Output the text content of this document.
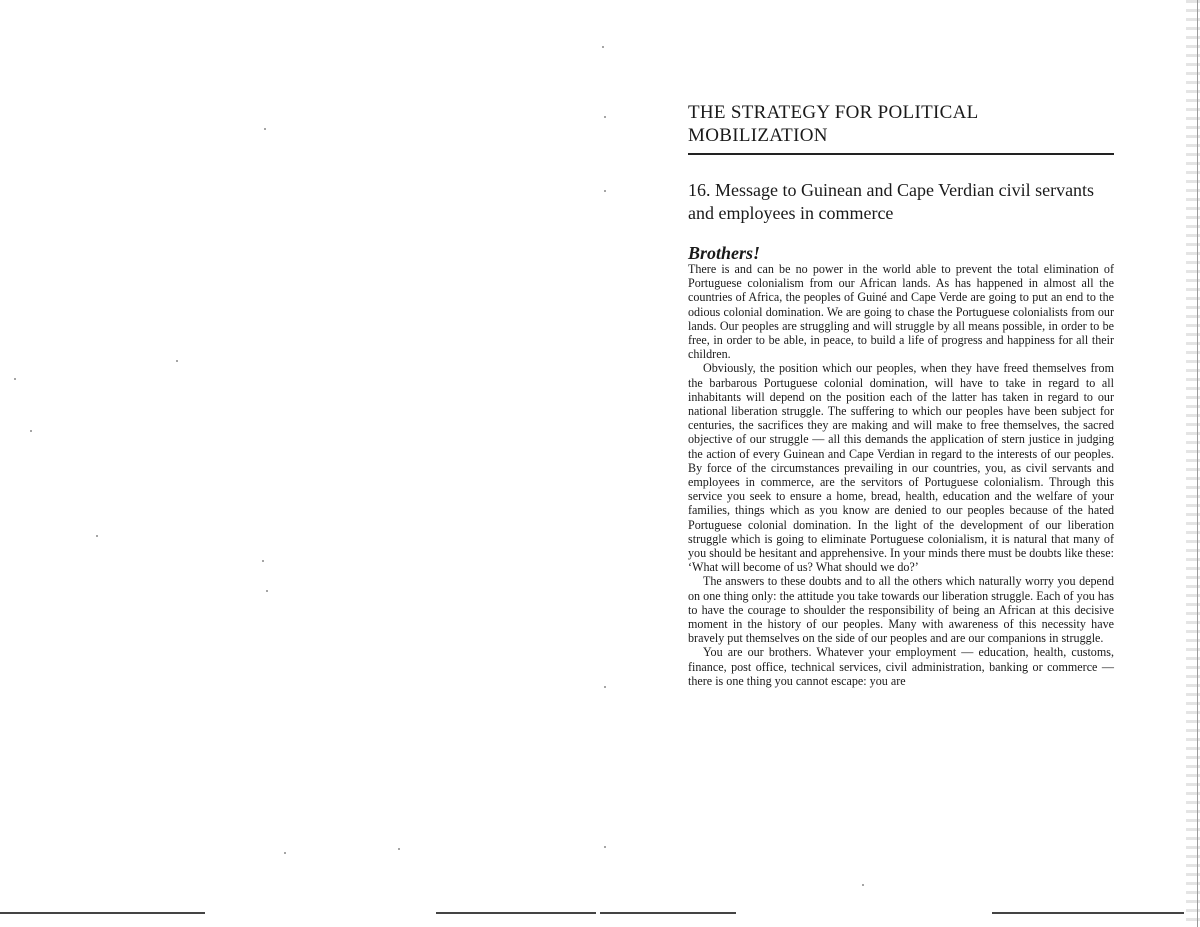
THE STRATEGY FOR POLITICAL MOBILIZATION
16. Message to Guinean and Cape Verdian civil servants and employees in commerce
Brothers!

There is and can be no power in the world able to prevent the total elimination of Portuguese colonialism from our African lands. As has happened in almost all the countries of Africa, the peoples of Guiné and Cape Verde are going to put an end to the odious colonial domination. We are going to chase the Portuguese colonialists from our lands. Our peoples are struggling and will struggle by all means possible, in order to be free, in order to be able, in peace, to build a life of progress and happiness for all their children.

Obviously, the position which our peoples, when they have freed themselves from the barbarous Portuguese colonial domination, will have to take in regard to all inhabitants will depend on the position each of the latter has taken in regard to our national liberation struggle. The suffering to which our peoples have been subject for centuries, the sacrifices they are making and will make to free themselves, the sacred objective of our struggle — all this demands the application of stern justice in judging the action of every Guinean and Cape Verdian in regard to the interests of our peoples. By force of the circumstances prevailing in our countries, you, as civil servants and employees in commerce, are the servitors of Portuguese colonialism. Through this service you seek to ensure a home, bread, health, education and the welfare of your families, things which as you know are denied to our peoples because of the hated Portuguese colonial domination. In the light of the development of our liberation struggle which is going to eliminate Portuguese colonialism, it is natural that many of you should be hesitant and apprehensive. In your minds there must be doubts like these: ‘What will become of us? What should we do?’

The answers to these doubts and to all the others which naturally worry you depend on one thing only: the attitude you take towards our liberation struggle. Each of you has to have the courage to shoulder the responsibility of being an African at this decisive moment in the history of our peoples. Many with awareness of this necessity have bravely put themselves on the side of our peoples and are our companions in struggle.

You are our brothers. Whatever your employment — education, health, customs, finance, post office, technical services, civil administration, banking or commerce — there is one thing you cannot escape: you are
